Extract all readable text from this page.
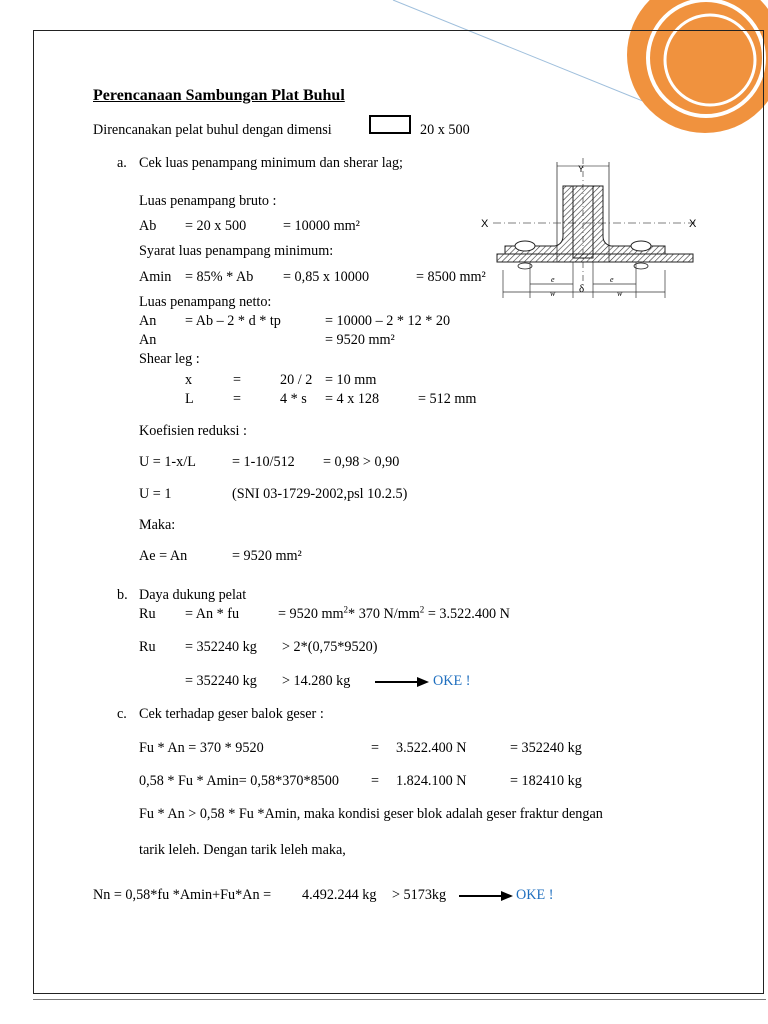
Perencanaan Sambungan Plat Buhul
Direncanakan pelat buhul dengan dimensi	20 x 500
a. Cek luas penampang minimum dan sherar lag;
Luas penampang bruto :
Ab = 20 x 500	= 10000 mm²
Syarat luas penampang minimum:
Amin = 85% * Ab = 0,85 x 10000	= 8500 mm²
Luas penampang netto:
An = Ab – 2 * d * tp	= 10000 – 2 * 12 * 20
An	= 9520 mm²
Shear leg :
x	=	20 / 2 = 10 mm
L	=	4 * s = 4 x 128	= 512 mm
Koefisien reduksi :
U = 1-x/L	= 1-10/512 = 0,98 > 0,90
U = 1	(SNI 03-1729-2002,psl 10.2.5)
Maka:
Ae = An	= 9520 mm²
Y
X	X
e	e
w	w
δ
b. Daya dukung pelat
Ru = An * fu	= 9520 $mm^2*$ 370 $N/mm^2 = 3.522.400$ N
Ru = 352240 kg > 2*(0,75*9520)
= 352240 kg > 14.280 kg	OKE !
c. Cek terhadap geser balok geser :
Fu * An = 370 * 9520	= 3.522.400 N	= 352240 kg
0,58 * Fu * Amin= 0,58*370*8500 = 1.824.100 N	= 182410 kg
Fu * An > 0,58 * Fu *Amin, maka kondisi geser blok adalah geser fraktur dengan
tarik leleh. Dengan tarik leleh maka,
Nn = 0,58*fu *Amin+Fu*An = 4.492.244 kg > 5173kg	OKE !
